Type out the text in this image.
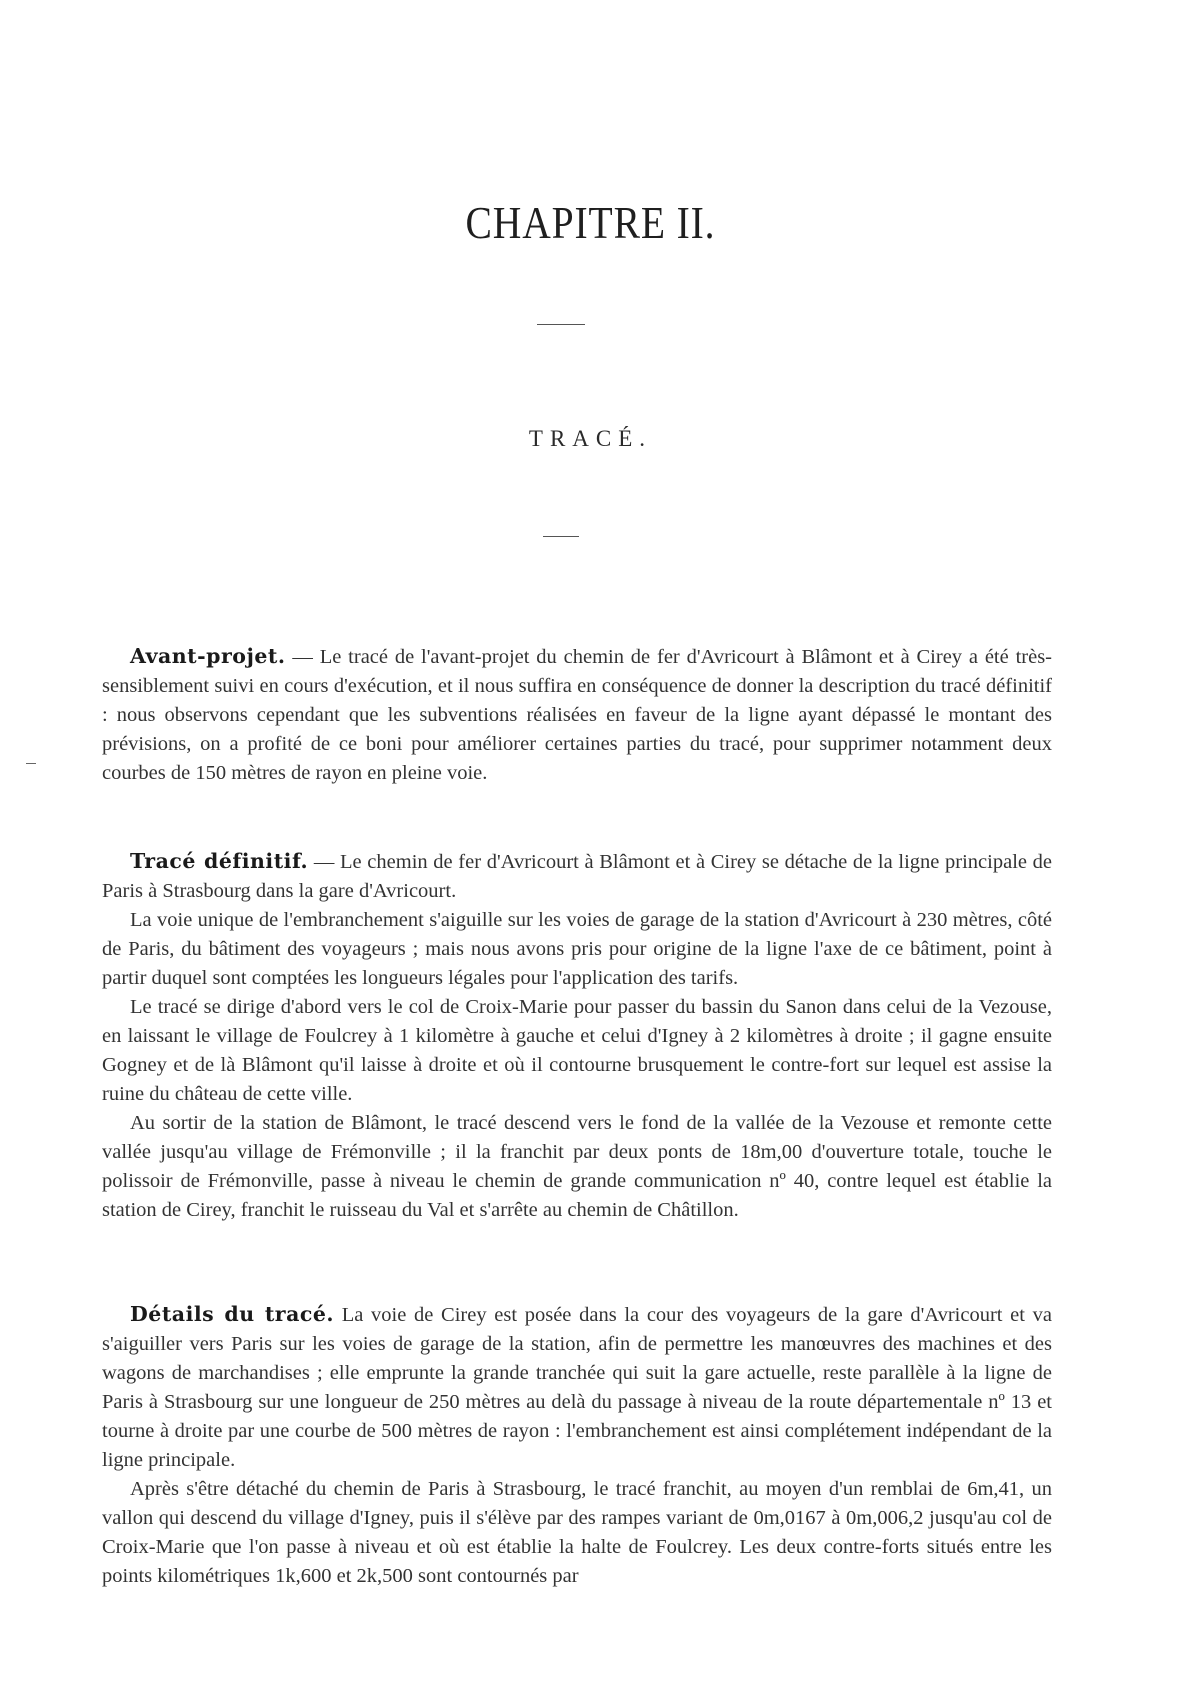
CHAPITRE II.
TRACÉ.

Avant-projet. — Le tracé de l'avant-projet du chemin de fer d'Avricourt à Blâmont et à Cirey a été très-sensiblement suivi en cours d'exécution, et il nous suffira en conséquence de donner la description du tracé définitif : nous observons cependant que les subventions réalisées en faveur de la ligne ayant dépassé le montant des prévisions, on a profité de ce boni pour améliorer certaines parties du tracé, pour supprimer notamment deux courbes de 150 mètres de rayon en pleine voie.

Tracé définitif. — Le chemin de fer d'Avricourt à Blâmont et à Cirey se détache de la ligne principale de Paris à Strasbourg dans la gare d'Avricourt.

La voie unique de l'embranchement s'aiguille sur les voies de garage de la station d'Avricourt à 230 mètres, côté de Paris, du bâtiment des voyageurs ; mais nous avons pris pour origine de la ligne l'axe de ce bâtiment, point à partir duquel sont comptées les longueurs légales pour l'application des tarifs.

Le tracé se dirige d'abord vers le col de Croix-Marie pour passer du bassin du Sanon dans celui de la Vezouse, en laissant le village de Foulcrey à 1 kilomètre à gauche et celui d'Igney à 2 kilomètres à droite ; il gagne ensuite Gogney et de là Blâmont qu'il laisse à droite et où il contourne brusquement le contre-fort sur lequel est assise la ruine du château de cette ville.

Au sortir de la station de Blâmont, le tracé descend vers le fond de la vallée de la Vezouse et remonte cette vallée jusqu'au village de Frémonville ; il la franchit par deux ponts de 18m,00 d'ouverture totale, touche le polissoir de Frémonville, passe à niveau le chemin de grande communication nº 40, contre lequel est établie la station de Cirey, franchit le ruisseau du Val et s'arrête au chemin de Châtillon.

Détails du tracé. La voie de Cirey est posée dans la cour des voyageurs de la gare d'Avricourt et va s'aiguiller vers Paris sur les voies de garage de la station, afin de permettre les manœuvres des machines et des wagons de marchandises ; elle emprunte la grande tranchée qui suit la gare actuelle, reste parallèle à la ligne de Paris à Strasbourg sur une longueur de 250 mètres au delà du passage à niveau de la route départementale nº 13 et tourne à droite par une courbe de 500 mètres de rayon : l'embranchement est ainsi complétement indépendant de la ligne principale.

Après s'être détaché du chemin de Paris à Strasbourg, le tracé franchit, au moyen d'un remblai de 6m,41, un vallon qui descend du village d'Igney, puis il s'élève par des rampes variant de 0m,0167 à 0m,006,2 jusqu'au col de Croix-Marie que l'on passe à niveau et où est établie la halte de Foulcrey. Les deux contre-forts situés entre les points kilométriques 1k,600 et 2k,500 sont contournés par
